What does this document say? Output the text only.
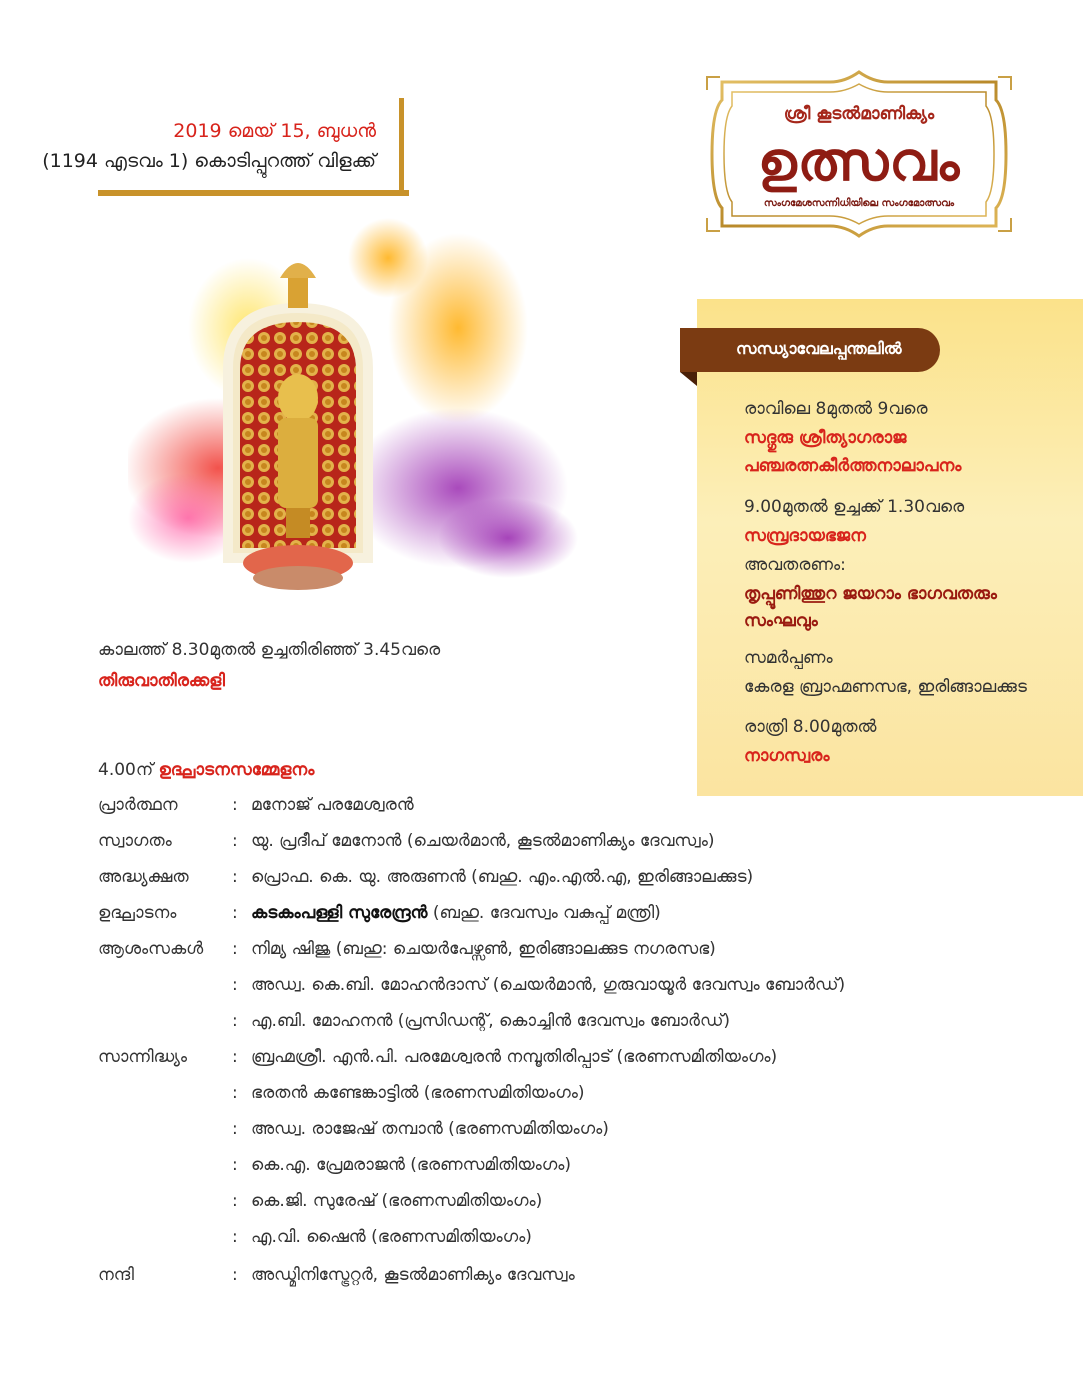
2019 മെയ് 15, ബുധൻ
(1194 എടവം 1) കൊടിപ്പുറത്ത് വിളക്ക്
ശ്രീ കൂടൽമാണിക്യം
ഉത്സവം
സംഗമേശസന്നിധിയിലെ സംഗമോത്സവം
കാലത്ത് 8.30മുതൽ ഉച്ചതിരിഞ്ഞ് 3.45വരെ
തിരുവാതിരക്കളി
സന്ധ്യാവേലപ്പന്തലിൽ
രാവിലെ 8മുതൽ 9വരെ
സദ്ഗുരു ശ്രീത്യാഗരാജ
പഞ്ചരത്നകീർത്തനാലാപനം
9.00മുതൽ ഉച്ചക്ക് 1.30വരെ
സമ്പ്രദായഭജന
അവതരണം:
തൃപ്പൂണിത്തുറ ജയറാം ഭാഗവതരും
സംഘവും
സമർപ്പണം
കേരള ബ്രാഹ്മണസഭ, ഇരിങ്ങാലക്കുട
രാത്രി 8.00മുതൽ
നാഗസ്വരം
4.00ന് ഉദ്ഘാടനസമ്മേളനം
പ്രാർത്ഥന	: മനോജ് പരമേശ്വരൻ
സ്വാഗതം	: യു. പ്രദീപ് മേനോൻ (ചെയർമാൻ, കൂടൽമാണിക്യം ദേവസ്വം)
അദ്ധ്യക്ഷത	: പ്രൊഫ. കെ. യു. അരുണൻ (ബഹു. എം.എൽ.എ, ഇരിങ്ങാലക്കുട)
ഉദ്ഘാടനം	: കടകംപള്ളി സുരേന്ദ്രൻ (ബഹു. ദേവസ്വം വകുപ്പ് മന്ത്രി)
ആശംസകൾ : നിമ്യ ഷിജു (ബഹു: ചെയർപേഴ്സൺ, ഇരിങ്ങാലക്കുട നഗരസഭ)
: അഡ്വ. കെ.ബി. മോഹൻദാസ് (ചെയർമാൻ, ഗുരുവായൂർ ദേവസ്വം ബോർഡ്)
: എ.ബി. മോഹനൻ (പ്രസിഡന്റ്, കൊച്ചിൻ ദേവസ്വം ബോർഡ്)
സാന്നിദ്ധ്യം	: ബ്രഹ്മശ്രീ. എൻ.പി. പരമേശ്വരൻ നമ്പൂതിരിപ്പാട് (ഭരണസമിതിയംഗം)
: ഭരതൻ കണ്ടേങ്കാട്ടിൽ (ഭരണസമിതിയംഗം)
: അഡ്വ. രാജേഷ് തമ്പാൻ (ഭരണസമിതിയംഗം)
: കെ.എ. പ്രേമരാജൻ (ഭരണസമിതിയംഗം)
: കെ.ജി. സുരേഷ് (ഭരണസമിതിയംഗം)
: എ.വി. ഷൈൻ (ഭരണസമിതിയംഗം)
നന്ദി	: അഡ്മിനിസ്ട്രേറ്റർ, കൂടൽമാണിക്യം ദേവസ്വം
